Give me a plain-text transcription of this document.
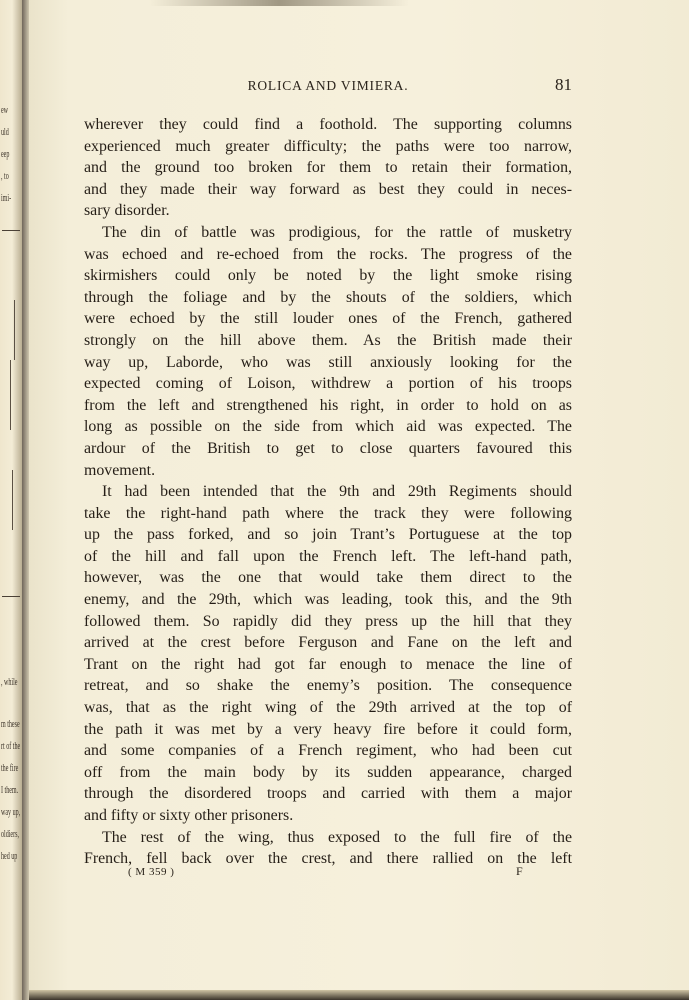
ew
uld
eep
, to
imi-
, while
m these
rt of the
the fire
I them.
way up,
oldiers,
hed up
ROLICA AND VIMIERA.	81
wherever they could find a foothold. The supporting columns
experienced much greater difficulty; the paths were too narrow,
and the ground too broken for them to retain their formation,
and they made their way forward as best they could in neces-
sary disorder.
The din of battle was prodigious, for the rattle of musketry
was echoed and re-echoed from the rocks. The progress of the
skirmishers could only be noted by the light smoke rising
through the foliage and by the shouts of the soldiers, which
were echoed by the still louder ones of the French, gathered
strongly on the hill above them. As the British made their
way up, Laborde, who was still anxiously looking for the
expected coming of Loison, withdrew a portion of his troops
from the left and strengthened his right, in order to hold on as
long as possible on the side from which aid was expected. The
ardour of the British to get to close quarters favoured this
movement.
It had been intended that the 9th and 29th Regiments should
take the right-hand path where the track they were following
up the pass forked, and so join Trant’s Portuguese at the top
of the hill and fall upon the French left. The left-hand path,
however, was the one that would take them direct to the
enemy, and the 29th, which was leading, took this, and the 9th
followed them. So rapidly did they press up the hill that they
arrived at the crest before Ferguson and Fane on the left and
Trant on the right had got far enough to menace the line of
retreat, and so shake the enemy’s position. The consequence
was, that as the right wing of the 29th arrived at the top of
the path it was met by a very heavy fire before it could form,
and some companies of a French regiment, who had been cut
off from the main body by its sudden appearance, charged
through the disordered troops and carried with them a major
and fifty or sixty other prisoners.
The rest of the wing, thus exposed to the full fire of the
French, fell back over the crest, and there rallied on the left
( M 359 )	F
